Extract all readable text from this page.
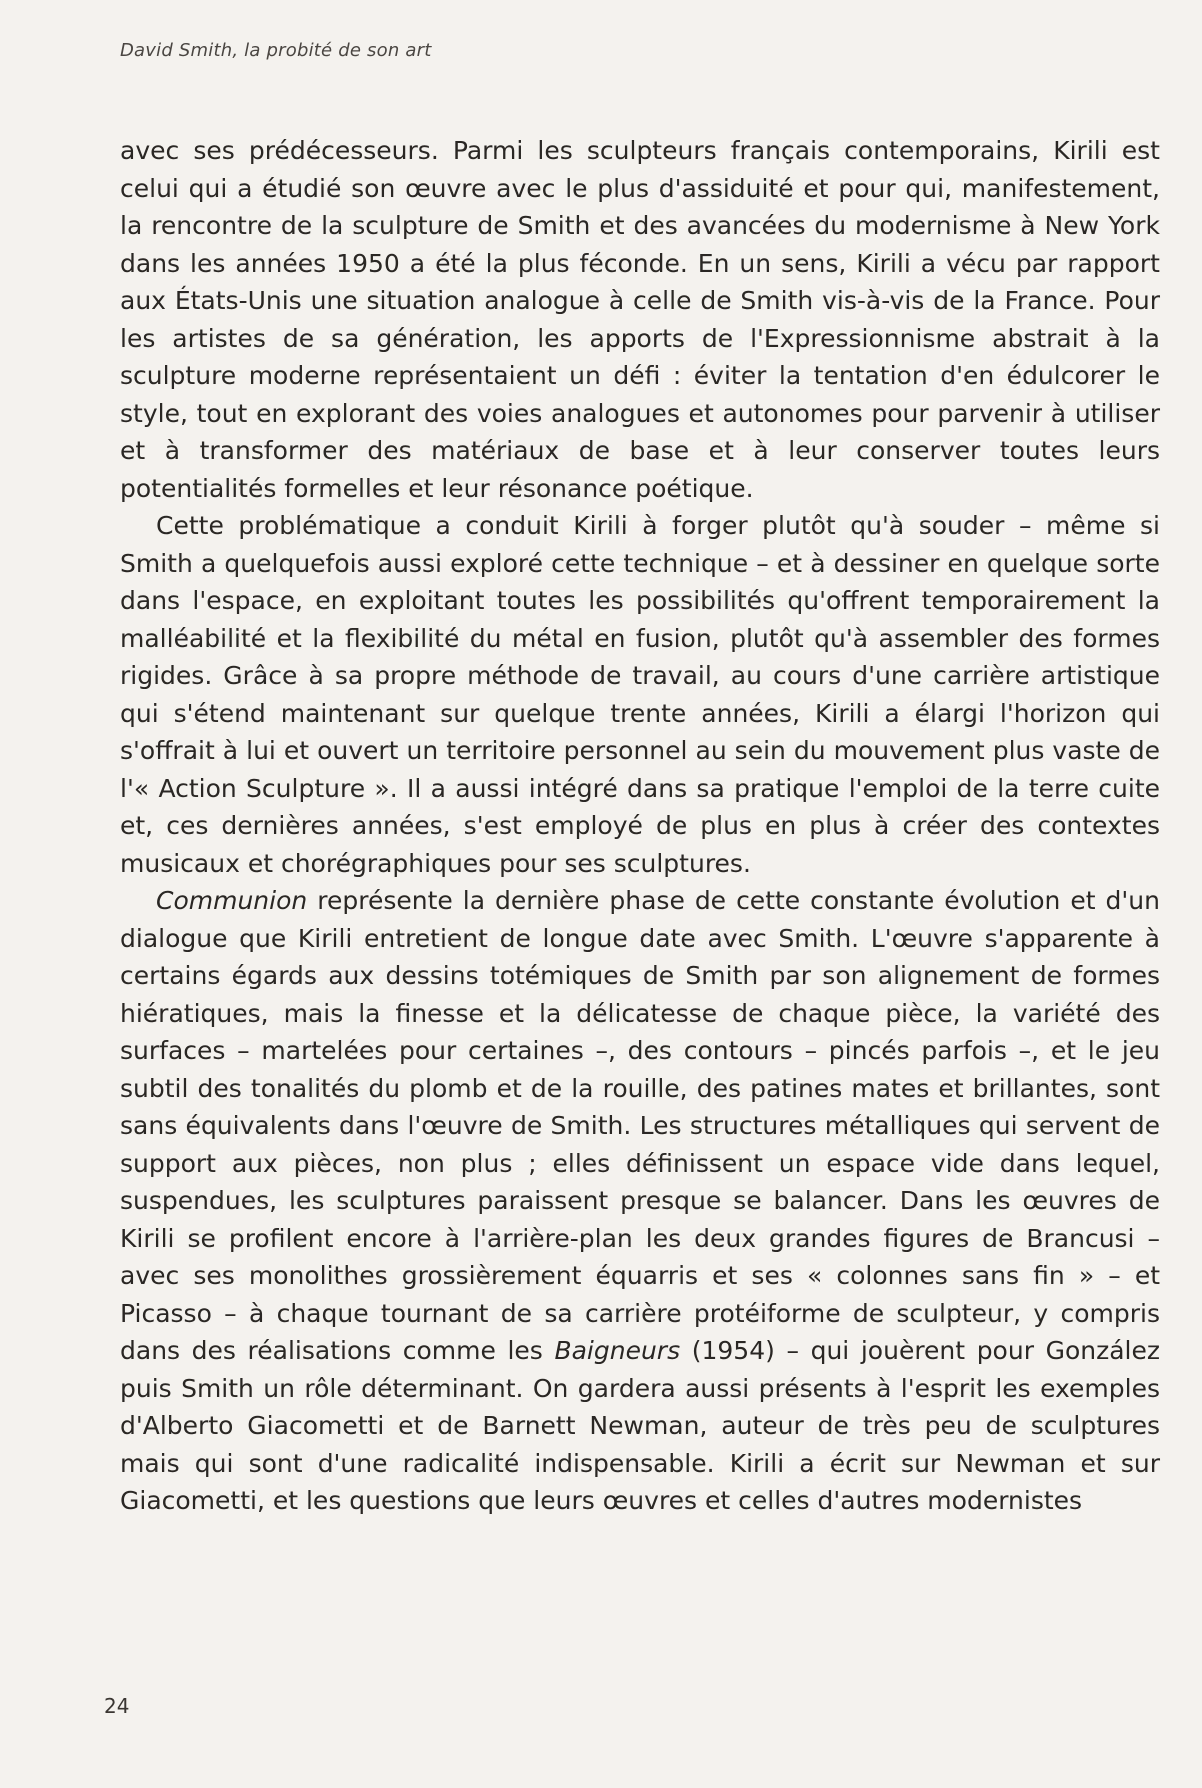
David Smith, la probité de son art

avec ses prédécesseurs. Parmi les sculpteurs français contemporains, Kirili est celui qui a étudié son œuvre avec le plus d'assiduité et pour qui, manifestement, la rencontre de la sculpture de Smith et des avancées du modernisme à New York dans les années 1950 a été la plus féconde. En un sens, Kirili a vécu par rapport aux États-Unis une situation analogue à celle de Smith vis-à-vis de la France. Pour les artistes de sa génération, les apports de l'Expressionnisme abstrait à la sculpture moderne représentaient un défi : éviter la tentation d'en édulcorer le style, tout en explorant des voies analogues et autonomes pour parvenir à utiliser et à transformer des matériaux de base et à leur conserver toutes leurs potentialités formelles et leur résonance poétique.

Cette problématique a conduit Kirili à forger plutôt qu'à souder – même si Smith a quelquefois aussi exploré cette technique – et à dessiner en quelque sorte dans l'espace, en exploitant toutes les possibilités qu'offrent temporairement la malléabilité et la flexibilité du métal en fusion, plutôt qu'à assembler des formes rigides. Grâce à sa propre méthode de travail, au cours d'une carrière artistique qui s'étend maintenant sur quelque trente années, Kirili a élargi l'horizon qui s'offrait à lui et ouvert un territoire personnel au sein du mouvement plus vaste de l'« Action Sculpture ». Il a aussi intégré dans sa pratique l'emploi de la terre cuite et, ces dernières années, s'est employé de plus en plus à créer des contextes musicaux et chorégraphiques pour ses sculptures.

Communion représente la dernière phase de cette constante évolution et d'un dialogue que Kirili entretient de longue date avec Smith. L'œuvre s'apparente à certains égards aux dessins totémiques de Smith par son alignement de formes hiératiques, mais la finesse et la délicatesse de chaque pièce, la variété des surfaces – martelées pour certaines –, des contours – pincés parfois –, et le jeu subtil des tonalités du plomb et de la rouille, des patines mates et brillantes, sont sans équivalents dans l'œuvre de Smith. Les structures métalliques qui servent de support aux pièces, non plus ; elles définissent un espace vide dans lequel, suspendues, les sculptures paraissent presque se balancer. Dans les œuvres de Kirili se profilent encore à l'arrière-plan les deux grandes figures de Brancusi – avec ses monolithes grossièrement équarris et ses « colonnes sans fin » – et Picasso – à chaque tournant de sa carrière protéiforme de sculpteur, y compris dans des réalisations comme les Baigneurs (1954) – qui jouèrent pour González puis Smith un rôle déterminant. On gardera aussi présents à l'esprit les exemples d'Alberto Giacometti et de Barnett Newman, auteur de très peu de sculptures mais qui sont d'une radicalité indispensable. Kirili a écrit sur Newman et sur Giacometti, et les questions que leurs œuvres et celles d'autres modernistes

24
